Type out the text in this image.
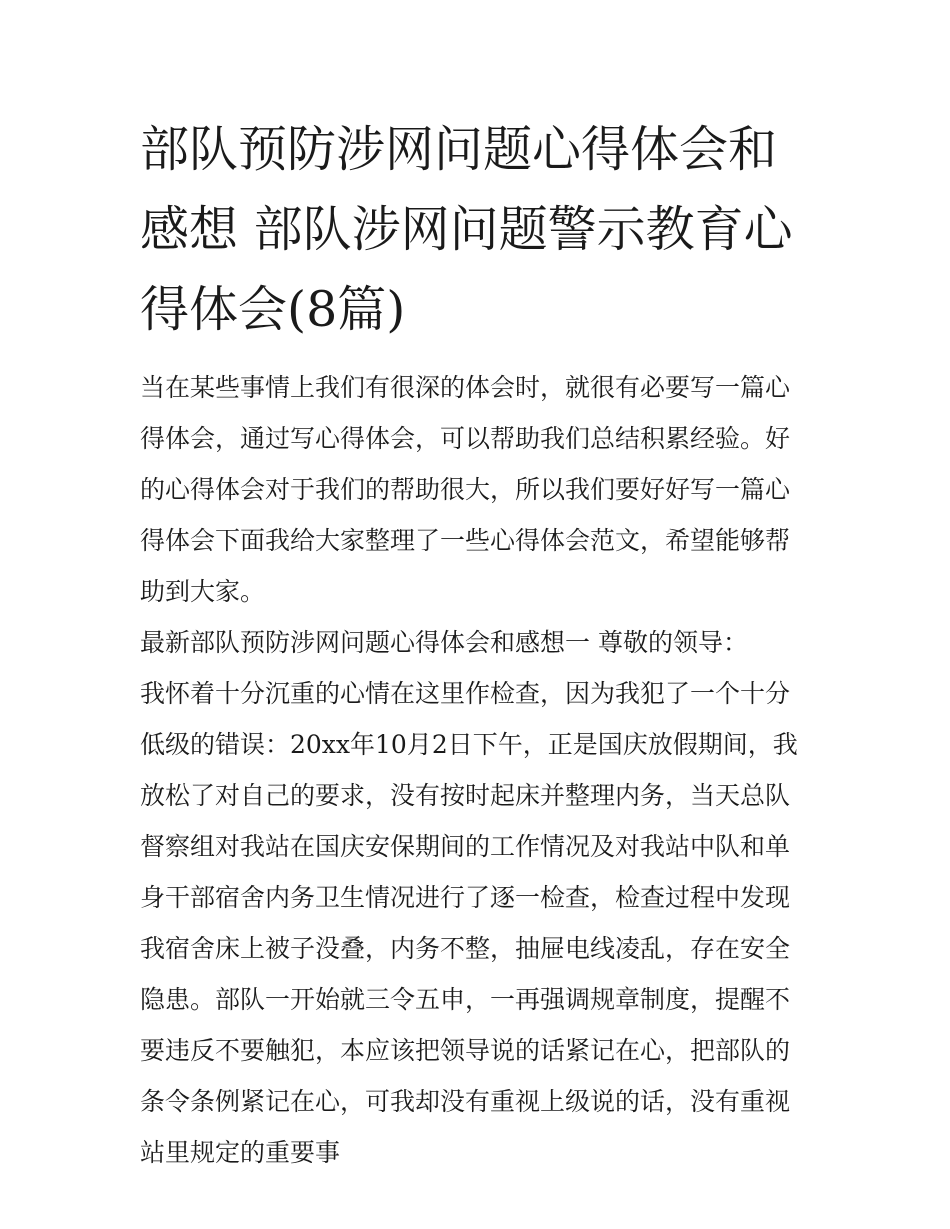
部队预防涉网问题心得体会和感想 部队涉网问题警示教育心得体会(8篇)

当在某些事情上我们有很深的体会时，就很有必要写一篇心得体会，通过写心得体会，可以帮助我们总结积累经验。好的心得体会对于我们的帮助很大，所以我们要好好写一篇心得体会下面我给大家整理了一些心得体会范文，希望能够帮助到大家。

最新部队预防涉网问题心得体会和感想一 尊敬的领导：

我怀着十分沉重的心情在这里作检查，因为我犯了一个十分低级的错误：20xx年10月2日下午，正是国庆放假期间，我放松了对自己的要求，没有按时起床并整理内务，当天总队督察组对我站在国庆安保期间的工作情况及对我站中队和单身干部宿舍内务卫生情况进行了逐一检查，检查过程中发现我宿舍床上被子没叠，内务不整，抽屉电线凌乱，存在安全隐患。部队一开始就三令五申，一再强调规章制度，提醒不要违反不要触犯，本应该把领导说的话紧记在心，把部队的条令条例紧记在心，可我却没有重视上级说的话，没有重视站里规定的重要事
